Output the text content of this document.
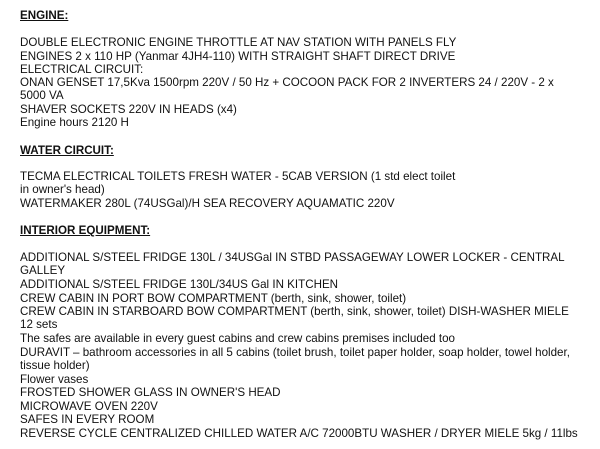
ENGINE:
DOUBLE ELECTRONIC ENGINE THROTTLE AT NAV STATION WITH PANELS FLY
ENGINES 2 x 110 HP (Yanmar 4JH4-110) WITH STRAIGHT SHAFT DIRECT DRIVE
ELECTRICAL CIRCUIT:
ONAN GENSET 17,5Kva 1500rpm 220V / 50 Hz + COCOON PACK FOR 2 INVERTERS 24 / 220V - 2 x 5000 VA
SHAVER SOCKETS 220V IN HEADS (x4)
Engine hours 2120 H
WATER CIRCUIT:
TECMA ELECTRICAL TOILETS FRESH WATER - 5CAB VERSION (1 std elect toilet in owner's head)
WATERMAKER 280L (74USGal)/H SEA RECOVERY AQUAMATIC 220V
INTERIOR EQUIPMENT:
ADDITIONAL S/STEEL FRIDGE 130L / 34USGal IN STBD PASSAGEWAY LOWER LOCKER - CENTRAL GALLEY
ADDITIONAL S/STEEL FRIDGE 130L/34US Gal IN KITCHEN
CREW CABIN IN PORT BOW COMPARTMENT (berth, sink, shower, toilet)
CREW CABIN IN STARBOARD BOW COMPARTMENT (berth, sink, shower, toilet) DISH-WASHER MIELE 12 sets
The safes are available in every guest cabins and crew cabins premises included too
DURAVIT – bathroom accessories in all 5 cabins (toilet brush, toilet paper holder, soap holder, towel holder, tissue holder)
Flower vases
FROSTED SHOWER GLASS IN OWNER'S HEAD
MICROWAVE OVEN 220V
SAFES IN EVERY ROOM
REVERSE CYCLE CENTRALIZED CHILLED WATER A/C 72000BTU WASHER / DRYER MIELE 5kg / 11lbs
